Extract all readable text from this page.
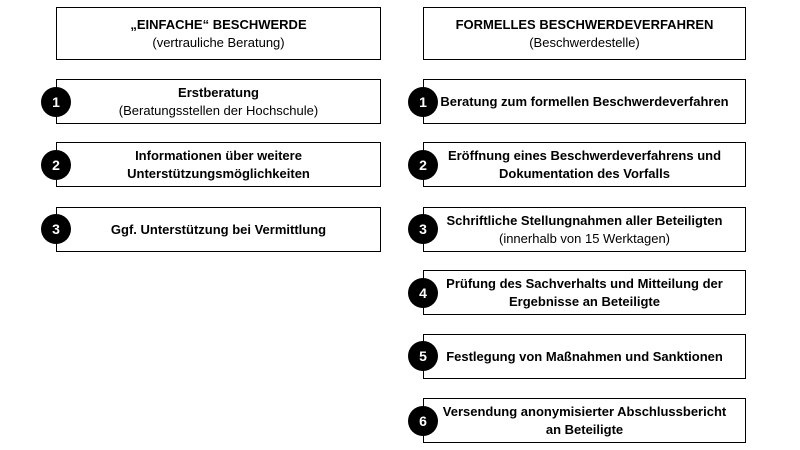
„EINFACHE“ BESCHWERDE
(vertrauliche Beratung)
Erstberatung
(Beratungsstellen der Hochschule)
1
Informationen über weitere
Unterstützungsmöglichkeiten
2
Ggf. Unterstützung bei Vermittlung
3
FORMELLES BESCHWERDEVERFAHREN
(Beschwerdestelle)
Beratung zum formellen Beschwerdeverfahren
1
Eröffnung eines Beschwerdeverfahrens und
Dokumentation des Vorfalls
2
Schriftliche Stellungnahmen aller Beteiligten
(innerhalb von 15 Werktagen)
3
Prüfung des Sachverhalts und Mitteilung der
Ergebnisse an Beteiligte
4
Festlegung von Maßnahmen und Sanktionen
5
Versendung anonymisierter Abschlussbericht
an Beteiligte
6
